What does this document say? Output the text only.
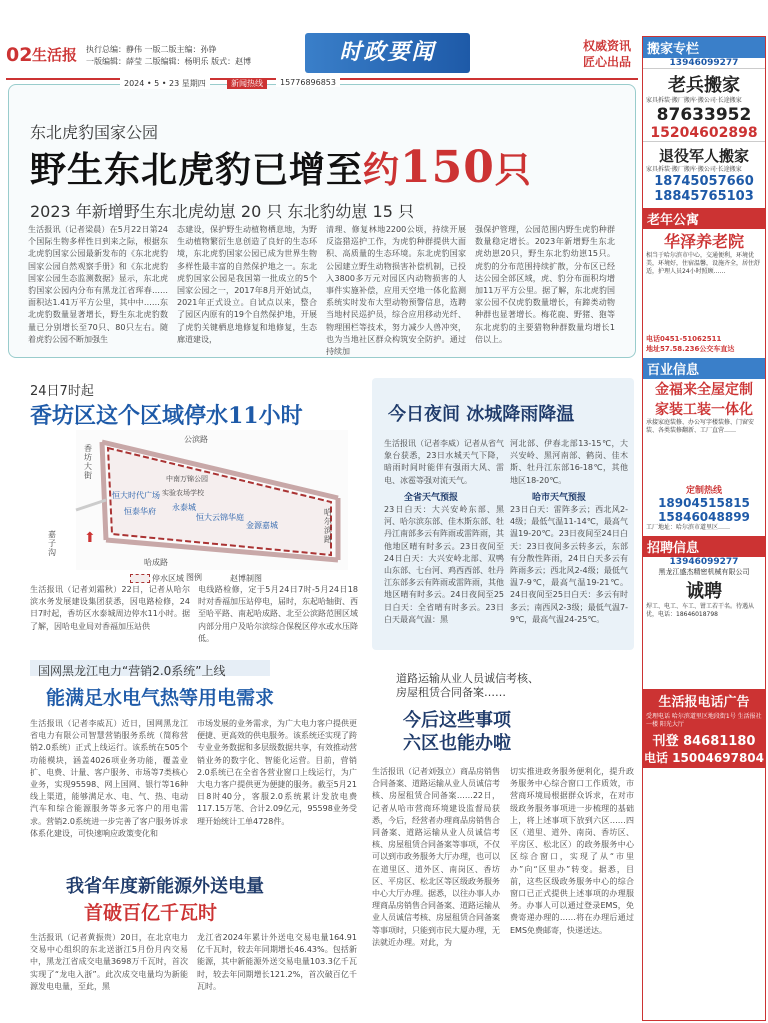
02 生活报 执行总编：静伟 一版二版主编：孙铮
一版编辑：薛莹 二版编辑：杨明乐 版式：赵博	时政要闻	权威资讯
匠心出品
2024 • 5 • 23 星期四	新闻热线	15776896853
东北虎豹国家公园
野生东北虎豹已增至约150只
2023 年新增野生东北虎幼崽 20 只 东北豹幼崽 15 只
生活报讯（记者梁晨）在5月22日第24个国际生物多样性日到来之际，根据东北虎豹国家公园最新发布的《东北虎豹国家公园自然观察手册》和《东北虎豹国家公园生态监测数据》显示，东北虎豹国家公园内分布有黑龙江省珲春……面积达1.41万平方公里，其中中……东北虎豹数量显著增长，野生东北虎豹数量已分别增长至70只、80只左右。随着虎豹公园不断加强生
态建设，保护野生动植物栖息地，为野生动植物繁衍生息创造了良好的生态环境，东北虎豹国家公园已成为世界生物多样性最丰富的自然保护地之一。东北虎豹国家公园是我国第一批成立的5个国家公园之一，2017年8月开始试点，2021年正式设立。自试点以来，整合了园区内原有的19个自然保护地，开展了虎豹关键栖息地修复和地修复，生态廊道建设，
清理、修复林地2200公顷，持续开展反盗猎巡护工作，为虎豹种群提供大面积、高质量的生态环境。东北虎豹国家公园建立野生动物损害补偿机制，已投入3800多万元对园区内动物损害的人事件实施补偿，应用天空地一体化监测系统实时发布大型动物预警信息，选聘当地村民巡护员，综合应用移动光纤、物理围栏等技术，努力减少人兽冲突，也为当地社区群众构筑安全防护。通过持续加
强保护管理，公园范围内野生虎豹种群数量稳定增长。2023年新增野生东北虎幼崽20只，野生东北豹幼崽15只。虎豹的分布范围持续扩散，分布区已经达公园全部区域，虎、豹分布面积均增加11万平方公里。据了解，东北虎豹国家公园不仅虎豹数量增长，有蹄类动物种群也显著增长。梅花鹿、野猪、狍等东北虎豹的主要猎物种群数量均增长1倍以上。
24日7时起
香坊区这个区域停水11小时
公滨路
哈成路
哈尔滨路
香坊大街
恒大时代广场
恒泰华府
中南万锦公园
实验农场学校
永泰城
恒大云锦华庭
金源嘉城
嘉子沟
图例
停水区域	赵博制图
⬆
生活报讯（记者刘霜秋）22日，记者从哈尔滨水务发展建设集团获悉，因电路检修，24日7时起，香坊区水泰城周边停水11小时。据了解，因哈电业局对香福加压站供
电线路检修，定于5月24日7时-5月24日18时对香福加压站停电，届时，东起哈轴街、西至哈平路、南起哈成路、北至公滨路范围区域内部分用户及哈尔滨综合保税区停水或水压降低。
今日夜间 冰城降雨降温
生活报讯（记者李威）记者从省气象台获悉，23日水城天气下降，暗雨时间时能伴有强雨大风、雷电、冰雹等强对流天气。
全省天气预报
23日白天：大兴安岭东部、黑河、哈尔滨东部、佳木斯东部、牡丹江南部多云有阵雨或雷阵雨，其他地区晴有时多云。23日夜间至24日白天：大兴安岭北部、双鸭山东部、七台河、鸡西西部、牡丹江东部多云有阵雨或雷阵雨，其他地区晴有时多云。24日夜间至25日白天：全省晴有时多云。23日白天最高气温：黑
河北部、伊春北部13-15℃，大兴安岭、黑河南部、鹤岗、佳木斯、牡丹江东部16-18℃，其他地区18-20℃。
哈市天气预报
23日白天：雷阵多云；西北风2-4级；最低气温11-14℃，最高气温19-20℃。23日夜间至24日白天：23日夜间多云转多云，东部有分散性阵雨，24日白天多云有阵雨多云；西北风2-4级；最低气温7-9℃，最高气温19-21℃。24日夜间至25日白天：多云有时多云；南西风2-3级；最低气温7-9℃，最高气温24-25℃。
国网黑龙江电力“营销2.0系统”上线
能满足水电气热等用电需求
生活报讯（记者李威瓦）近日，国网黑龙江省电力有限公司智慧营销服务系统（简称营销2.0系统）正式上线运行。该系统在505个功能模块，涵盖4026项业务功能，覆盖业扩、电费、计量、客户服务、市场等7类核心业务，实现95598、网上国网、银行等16种线上渠道，能够满足水、电、气、热、电动汽车和综合能源服务等多元客户的用电需求。营销2.0系统进一步完善了客户服务诉求体系化建设，可快速响应政策变化和
市场发展的业务需求，为广大电力客户提供更便捷、更高效的供电服务。该系统还实现了跨专业业务数据和多层级数据共享，有效推动营销业务的数字化、智能化运营。目前，营销2.0系统已在全省各营业窗口上线运行，为广大电力客户提供更为便捷的服务。截至5月21日8时40分，客服2.0系统累计发放电费117.15万笔、合计2.09亿元，95598业务受理开始统计工单4728件。
道路运输从业人员诚信考核、
房屋租赁合同备案……
今后这些事项
六区也能办啦
生活报讯（记者刘强立）商品房销售合同备案、道路运输从业人员诚信考核、房屋租赁合同备案……22日，记者从哈市营商环境建设监督局获悉，今后，经营者办理商品房销售合同备案、道路运输从业人员诚信考核、房屋租赁合同备案等事项，不仅可以到市政务服务大厅办理，也可以在道里区、道外区、南岗区、香坊区、平房区、松北区等区级政务服务中心大厅办理。据悉，以往办事人办理商品房销售合同备案、道路运输从业人员诚信考核、房屋租赁合同备案等事项时，只能到市民大厦办理，无法就近办理。对此，为
切实推进政务服务便利化，提升政务服务中心综合窗口工作质效，市营商环境局根据群众诉求，在对市级政务服务事项进一步梳理的基础上，将上述事项下放到六区……四区（道里、道外、南岗、香坊区、平房区、松北区）的政务服务中心区综合窗口，实现了从“市里办”向“区里办”转变。据悉，目前，这些区级政务服务中心的综合窗口已正式提供上述事项的办理服务。办事人可以通过登录EMS，免费寄递办理的……将在办理后通过EMS免费邮寄，快递送达。
我省年度新能源外送电量
首破百亿千瓦时
生活报讯（记者黄振贵）20日，在北京电力交易中心组织的东北送浙江5月份月内交易中，黑龙江省成交电量3698万千瓦时，首次实现了“龙电入浙”。此次成交电量均为新能源发电电量，至此，黑
龙江省2024年累计外送电交易电量164.91亿千瓦时，较去年同期增长46.43%。包括新能源，其中新能源外送交易电量103.3亿千瓦时，较去年同期增长121.2%，首次破百亿千瓦时。
搬家专栏
13946099277
老兵搬家
家具拆装·搬厂搬库·搬公司·长途搬家
87633952
15204602898
退役军人搬家
家具拆装·搬厂搬库·搬公司·长途搬家
18745057660
18845765103
老年公寓
华泽养老院
相当于哈尔滨市中心，交通便利，环境优美，环境好，住宿温馨，设施齐全，居住舒适，护理人员24小时照顾……
电话0451-51062511
地址57.58.236公交车直达
百业信息
金福来全屋定制
家装工装一体化
承接家庭装修、办公写字楼装修、门窗安装、各类装修翻新、工厂直营……
定制热线
18904515815
15846048899
工厂地址：哈尔滨市道里区……
招聘信息
13946099277
黑龙江盛杰精密机械有限公司
诚聘
焊工、电工、车工、钳工若干名。待遇从优，电话：18646018798
生活报电话广告
受理电话 哈尔滨道里区地段街1号 生活报社一楼 阳光大厅
刊登 84681180
电话 15004697804
